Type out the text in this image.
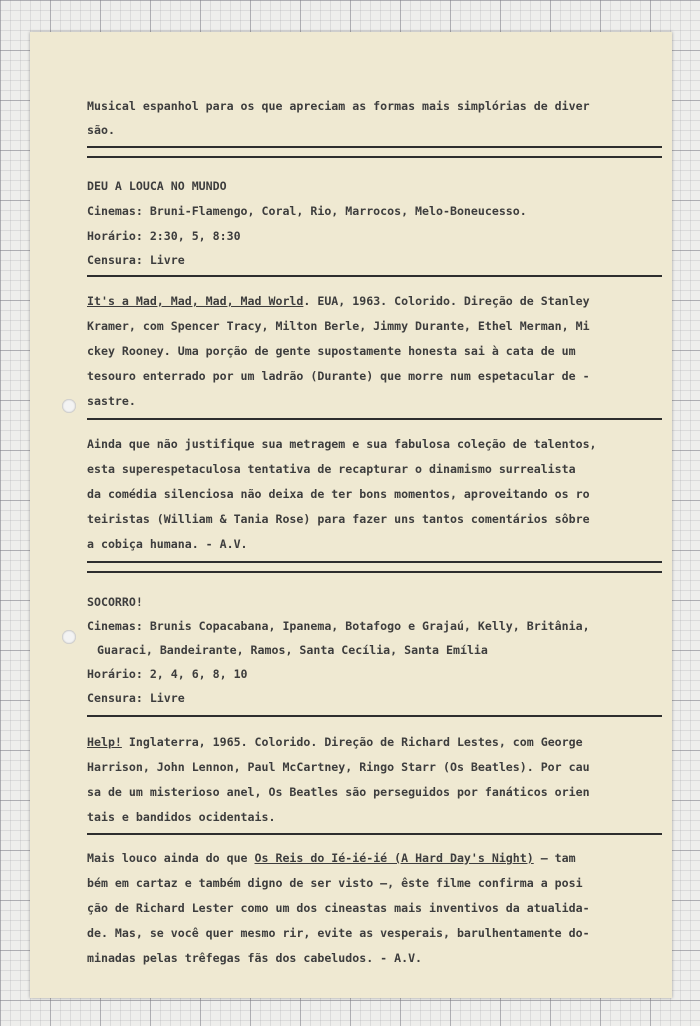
Musical espanhol para os que apreciam as formas mais simplórias de diver

são.

DEU A LOUCA NO MUNDO

Cinemas: Bruni-Flamengo, Coral, Rio, Marrocos, Melo-Boneucesso.

Horário: 2:30, 5, 8:30

Censura: Livre

It's a Mad, Mad, Mad, Mad World. EUA, 1963. Colorido. Direção de Stanley

Kramer, com Spencer Tracy, Milton Berle, Jimmy Durante, Ethel Merman, Mi

ckey Rooney. Uma porção de gente supostamente honesta sai à cata de um

tesouro enterrado por um ladrão (Durante) que morre num espetacular de -

sastre.

Ainda que não justifique sua metragem e sua fabulosa coleção de talentos,

esta superespetaculosa tentativa de recapturar o dinamismo surrealista

da comédia silenciosa não deixa de ter bons momentos, aproveitando os ro

teiristas (William & Tania Rose) para fazer uns tantos comentários sôbre

a cobiça humana. - A.V.

SOCORRO!

Cinemas: Brunis Copacabana, Ipanema, Botafogo e Grajaú, Kelly, Britânia,

Guaraci, Bandeirante, Ramos, Santa Cecília, Santa Emília

Horário: 2, 4, 6, 8, 10

Censura: Livre

Help! Inglaterra, 1965. Colorido. Direção de Richard Lestes, com George

Harrison, John Lennon, Paul McCartney, Ringo Starr (Os Beatles). Por cau

sa de um misterioso anel, Os Beatles são perseguidos por fanáticos orien

tais e bandidos ocidentais.

Mais louco ainda do que Os Reis do Ié-ié-ié (A Hard Day's Night) — tam

bém em cartaz e também digno de ser visto —, êste filme confirma a posi

ção de Richard Lester como um dos cineastas mais inventivos da atualida-

de. Mas, se você quer mesmo rir, evite as vesperais, barulhentamente do-

minadas pelas trêfegas fãs dos cabeludos. - A.V.
